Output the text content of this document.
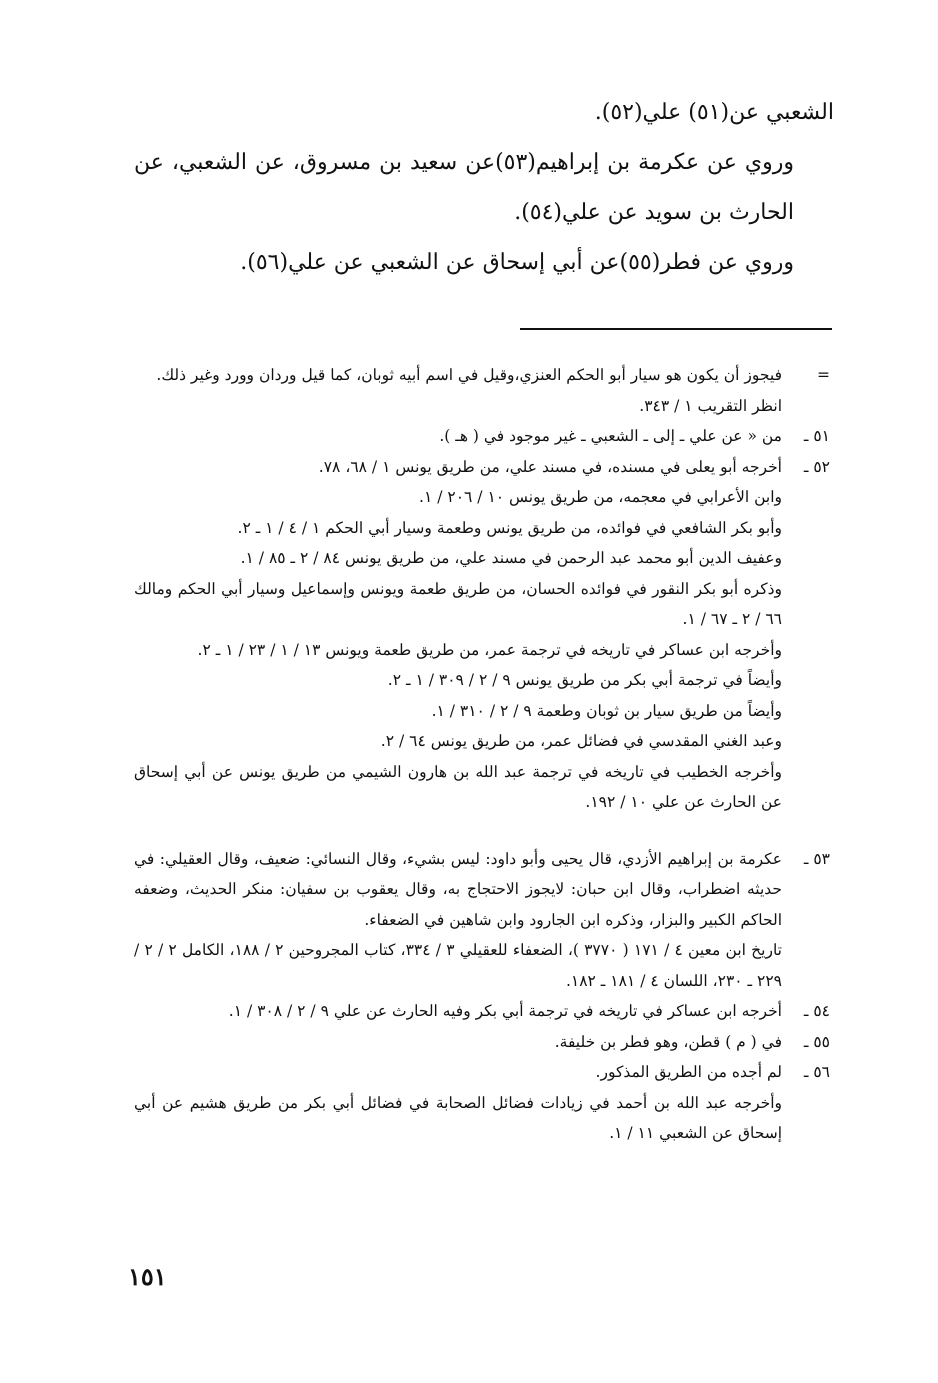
الشعبي عن(٥١) علي(٥٢).

وروي عن عكرمة بن إبراهيم(٥٣)عن سعيد بن مسروق، عن الشعبي، عن الحارث بن سويد عن علي(٥٤).

وروي عن فطر(٥٥)عن أبي إسحاق عن الشعبي عن علي(٥٦).

=
فيجوز أن يكون هو سيار أبو الحكم العنزي،وقيل في اسم أبيه ثوبان، كما قيل وردان وورد وغير ذلك.
انظر التقريب ١ / ٣٤٣.
٥١ ـ
من « عن علي ـ إلى ـ الشعبي ـ غير موجود في ( هـ ).
٥٢ ـ
أخرجه أبو يعلى في مسنده، في مسند علي، من طريق يونس ١ / ٦٨، ٧٨.
وابن الأعرابي في معجمه، من طريق يونس ١٠ / ٢٠٦ / ١.
وأبو بكر الشافعي في فوائده، من طريق يونس وطعمة وسيار أبي الحكم ١ / ٤ / ١ ـ ٢.
وعفيف الدين أبو محمد عبد الرحمن في مسند علي، من طريق يونس ٨٤ / ٢ ـ ٨٥ / ١.
وذكره أبو بكر النقور في فوائده الحسان، من طريق طعمة ويونس وإسماعيل وسيار أبي الحكم ومالك ٦٦ / ٢ ـ ٦٧ / ١.
وأخرجه ابن عساكر في تاريخه في ترجمة عمر، من طريق طعمة ويونس ١٣ / ١ / ٢٣ / ١ ـ ٢.
وأيضاً في ترجمة أبي بكر من طريق يونس ٩ / ٢ / ٣٠٩ / ١ ـ ٢.
وأيضاً من طريق سيار بن ثوبان وطعمة ٩ / ٢ / ٣١٠ / ١.
وعبد الغني المقدسي في فضائل عمر، من طريق يونس ٦٤ / ٢.
وأخرجه الخطيب في تاريخه في ترجمة عبد الله بن هارون الشيمي من طريق يونس عن أبي إسحاق عن الحارث عن علي ١٠ / ١٩٢.
٥٣ ـ
عكرمة بن إبراهيم الأزدي، قال يحيى وأبو داود: ليس بشيء، وقال النسائي: ضعيف، وقال العقيلي: في حديثه اضطراب، وقال ابن حبان: لايجوز الاحتجاج به، وقال يعقوب بن سفيان: منكر الحديث، وضعفه الحاكم الكبير والبزار، وذكره ابن الجارود وابن شاهين في الضعفاء.
تاريخ ابن معين ٤ / ١٧١ ( ٣٧٧٠ )، الضعفاء للعقيلي ٣ / ٣٣٤، كتاب المجروحين ٢ / ١٨٨، الكامل ٢ / ٢ / ٢٢٩ ـ ٢٣٠، اللسان ٤ / ١٨١ ـ ١٨٢.
٥٤ ـ
أخرجه ابن عساكر في تاريخه في ترجمة أبي بكر وفيه الحارث عن علي ٩ / ٢ / ٣٠٨ / ١.
٥٥ ـ
في ( م ) قطن، وهو فطر بن خليفة.
٥٦ ـ
لم أجده من الطريق المذكور.
وأخرجه عبد الله بن أحمد في زيادات فضائل الصحابة في فضائل أبي بكر من طريق هشيم عن أبي إسحاق عن الشعبي ١١ / ١.
١٥١
